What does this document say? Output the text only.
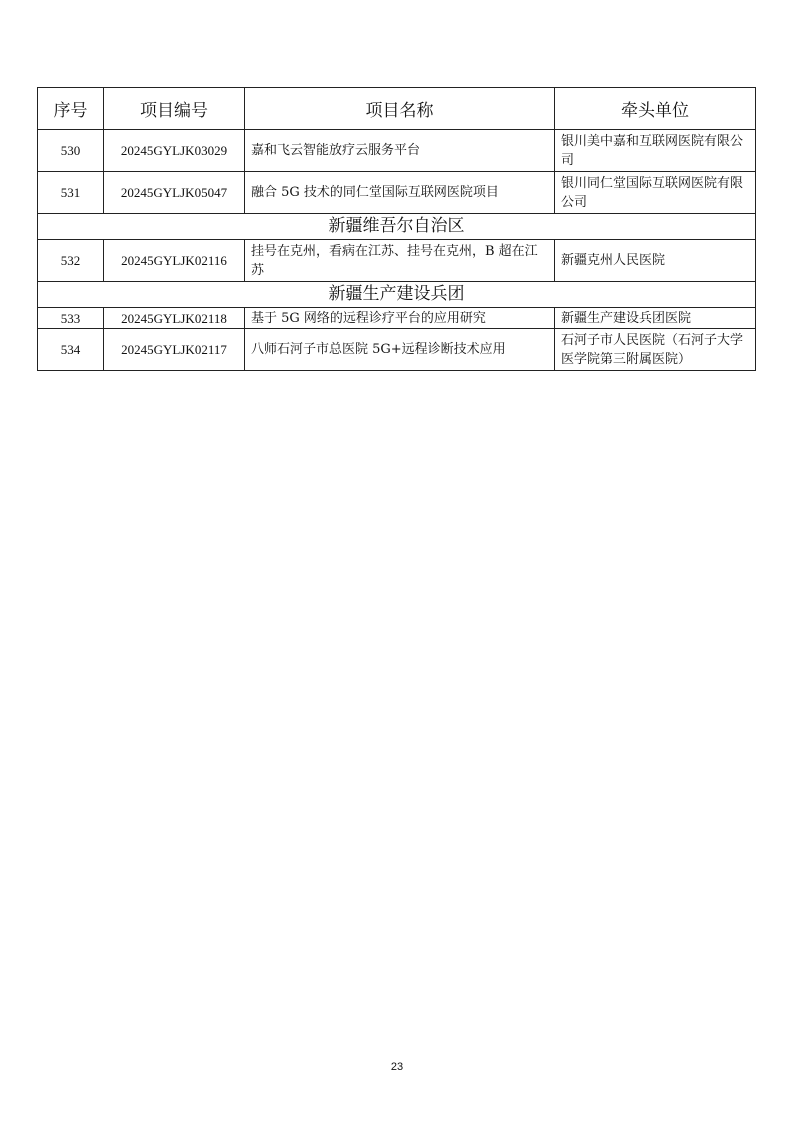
序号	项目编号	项目名称	牵头单位
530	20245GYLJK03029	嘉和飞云智能放疗云服务平台	银川美中嘉和互联网医院有限公司
531	20245GYLJK05047	融合 5G 技术的同仁堂国际互联网医院项目	银川同仁堂国际互联网医院有限公司
新疆维吾尔自治区			
532	20245GYLJK02116	挂号在克州，看病在江苏、挂号在克州，B 超在江苏	新疆克州人民医院
新疆生产建设兵团			
533	20245GYLJK02118	基于 5G 网络的远程诊疗平台的应用研究	新疆生产建设兵团医院
534	20245GYLJK02117	八师石河子市总医院 5G+远程诊断技术应用	石河子市人民医院（石河子大学医学院第三附属医院）
23
